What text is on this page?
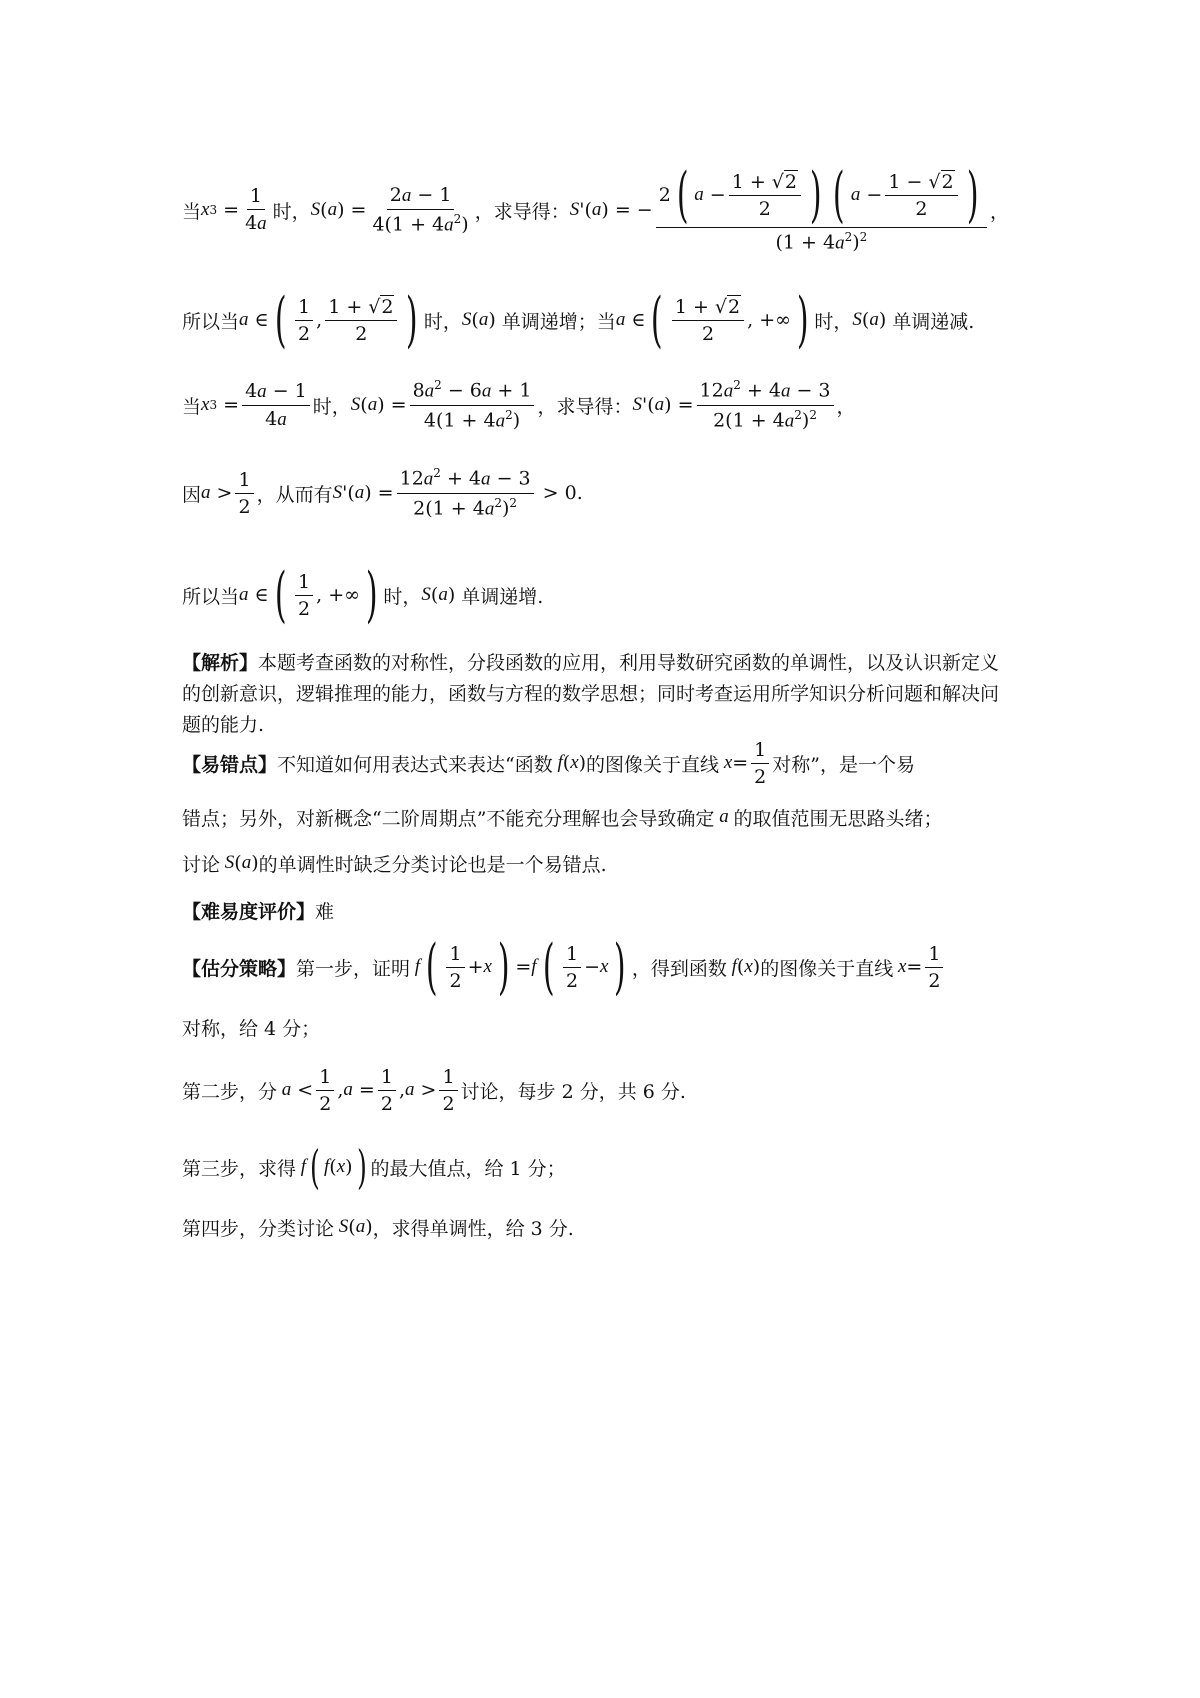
当 x $3 = \frac{1}{4a}$ 时， S ( a ) = $\frac{2a - 1}{4(1 + 4a^2)}$ ，求导得： S '( a ) = − $\frac{2 ( a - \frac{1 + √2}{2} ) ( a - \frac{1 - √2}{2} )}{(1 + 4a^2)^2}$ ，
所以当 a ∈ ( $\frac{1}{2}$ , $\frac{1 + √2}{2}$ ) 时， S ( a ) 单调递增；当 a ∈ ( $\frac{1 + √2}{2}$ , +∞ ) 时， S ( a ) 单调递减.
当 x $3 = \frac{4a - 1}{4a}$ 时， S ( a ) = $\frac{8a^2 - 6a + 1}{4(1 + 4a^2)}$ ，求导得： S '( a ) = $\frac{12a^2 + 4a - 3}{2(1 + 4a^2)^2}$ ，
因 $a > \frac{1}{2}$ ，从而有 S '( a ) = $\frac{12a^2 + 4a - 3}{2(1 + 4a^2)^2} > 0$ .
所以当 a ∈ ( $\frac{1}{2}$ , +∞ ) 时， S ( a ) 单调递增.
【解析】本题考查函数的对称性，分段函数的应用，利用导数研究函数的单调性，以及认识新定义的创新意识，逻辑推理的能力，函数与方程的数学思想；同时考查运用所学知识分析问题和解决问题的能力.
【易错点】 不知道如何用表达式来表达“函数 f ( x ) 的图像关于直线 $x = \frac{1}{2}$ 对称”，是一个易
错点；另外，对新概念“二阶周期点”不能充分理解也会导致确定 a 的取值范围无思路头绪；
讨论 S ( a ) 的单调性时缺乏分类讨论也是一个易错点.
【难易度评价】 难
【估分策略】 第一步，证明 f ( $\frac{1}{2} + x$ ) = f ( $\frac{1}{2} - x$ ) ，得到函数 f ( x ) 的图像关于直线 $x = \frac{1}{2}$
对称，给 4 分；
第二步，分 $a < \frac{1}{2}$ , $a = \frac{1}{2}$ , $a > \frac{1}{2}$ 讨论，每步 2 分，共 6 分.
第三步，求得 f ( f ( x ) ) 的最大值点，给 1 分；
第四步，分类讨论 S ( a ) ，求得单调性，给 3 分.
